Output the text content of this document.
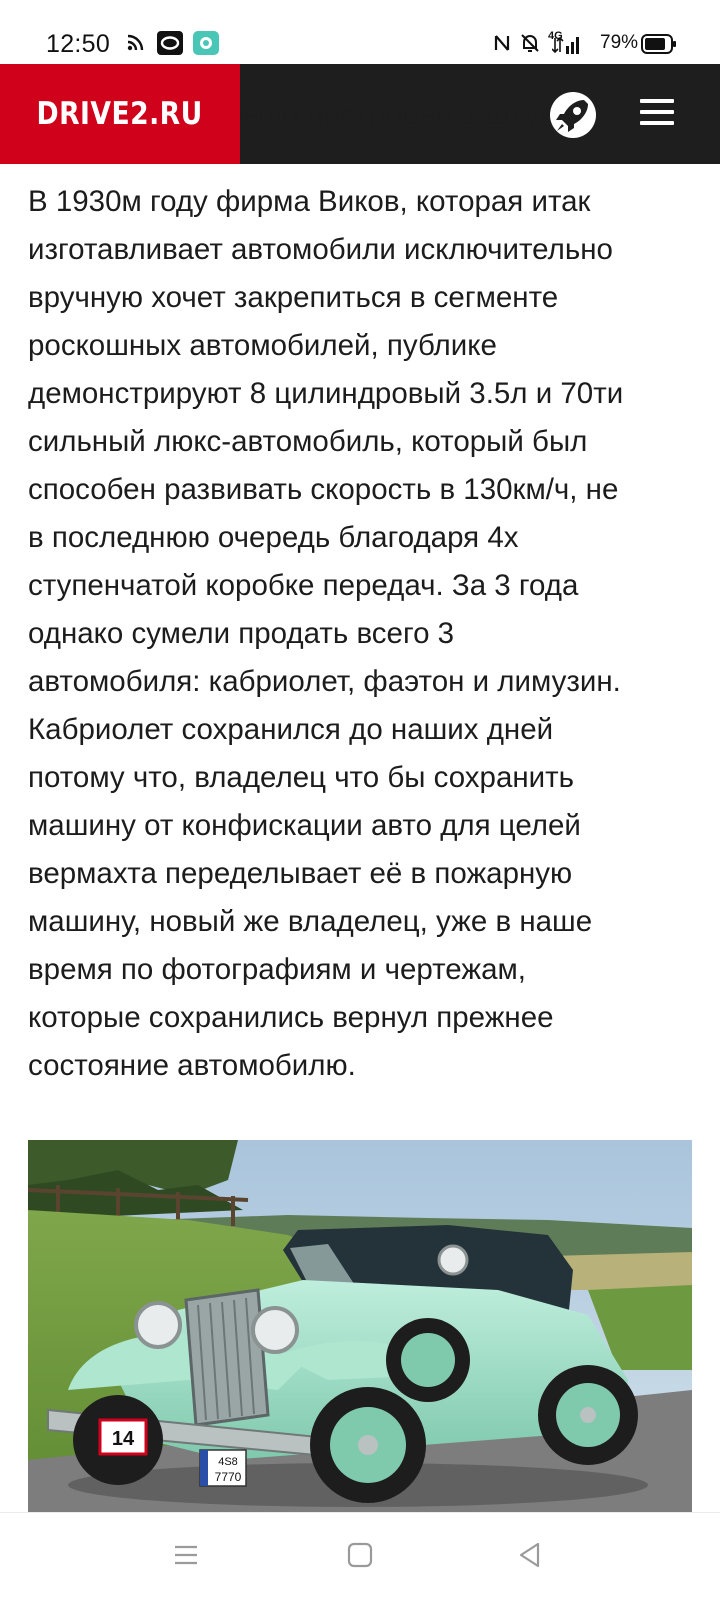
12:50	4G 79%
DRIVE2.RU
В 1930м году фирма Виков, которая итак
изготавливает автомобили исключительно
вручную хочет закрепиться в сегменте
роскошных автомобилей, публике
демонстрируют 8 цилиндровый 3.5л и 70ти
сильный люкс-автомобиль, который был
способен развивать скорость в 130км/ч, не
в последнюю очередь благодаря 4х
ступенчатой коробке передач. За 3 года
однако сумели продать всего 3
автомобиля: кабриолет, фаэтон и лимузин.
Кабриолет сохранился до наших дней
потому что, владелец что бы сохранить
машину от конфискации авто для целей
вермахта переделывает её в пожарную
машину, новый же владелец, уже в наше
время по фотографиям и чертежам,
которые сохранились вернул прежнее
состояние автомобилю.
14
4S8
7770
